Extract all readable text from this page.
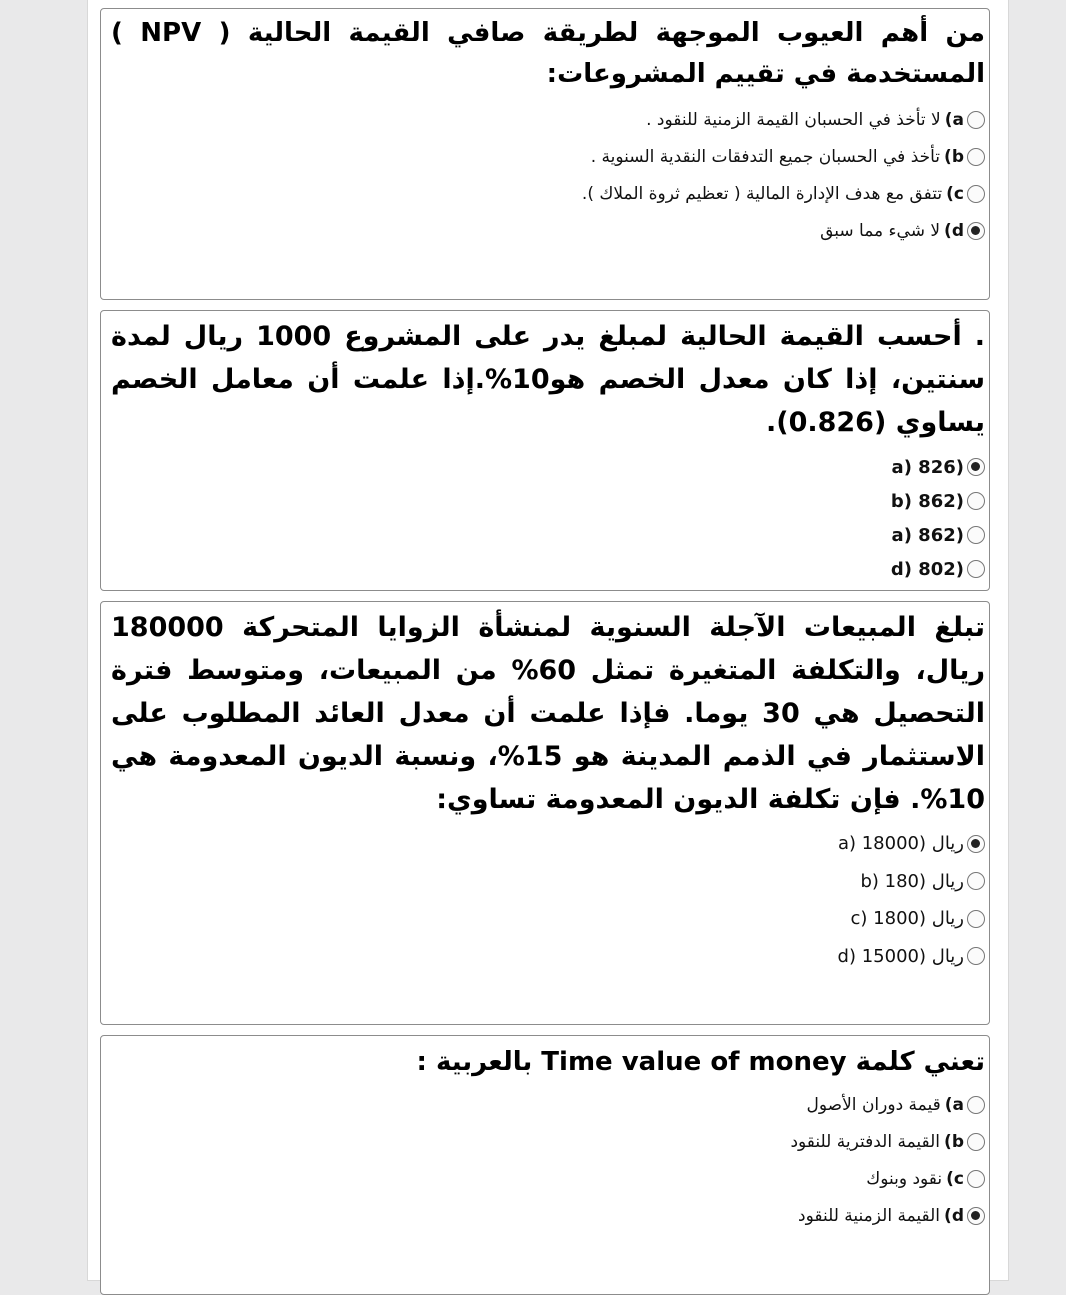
من أهم العيوب الموجهة لطريقة صافي القيمة الحالية ( NPV ) المستخدمة في تقييم المشروعات:

(a
لا تأخذ في الحسبان القيمة الزمنية للنقود .
(b
تأخذ في الحسبان جميع التدفقات النقدية السنوية .
(c
تتفق مع هدف الإدارة المالية ( تعظيم ثروة الملاك ).
(d
لا شيء مما سبق

. أحسب القيمة الحالية لمبلغ يدر على المشروع 1000 ريال لمدة سنتين، إذا كان معدل الخصم هو10%.إذا علمت أن معامل الخصم يساوي (0.826).

a) 826)
b) 862)
a) 862)
d) 802)

تبلغ المبيعات الآجلة السنوية لمنشأة الزوايا المتحركة 180000 ريال، والتكلفة المتغيرة تمثل 60% من المبيعات، ومتوسط فترة التحصيل هي 30 يوما. فإذا علمت أن معدل العائد المطلوب على الاستثمار في الذمم المدينة هو 15%، ونسبة الديون المعدومة هي 10%. فإن تكلفة الديون المعدومة تساوي:

a) 18000) ريال
b) 180) ريال
c) 1800) ريال
d) 15000) ريال

تعني كلمة Time value of money بالعربية :

(a
قيمة دوران الأصول
(b
القيمة الدفترية للنقود
(c
نقود وبنوك
(d
القيمة الزمنية للنقود
